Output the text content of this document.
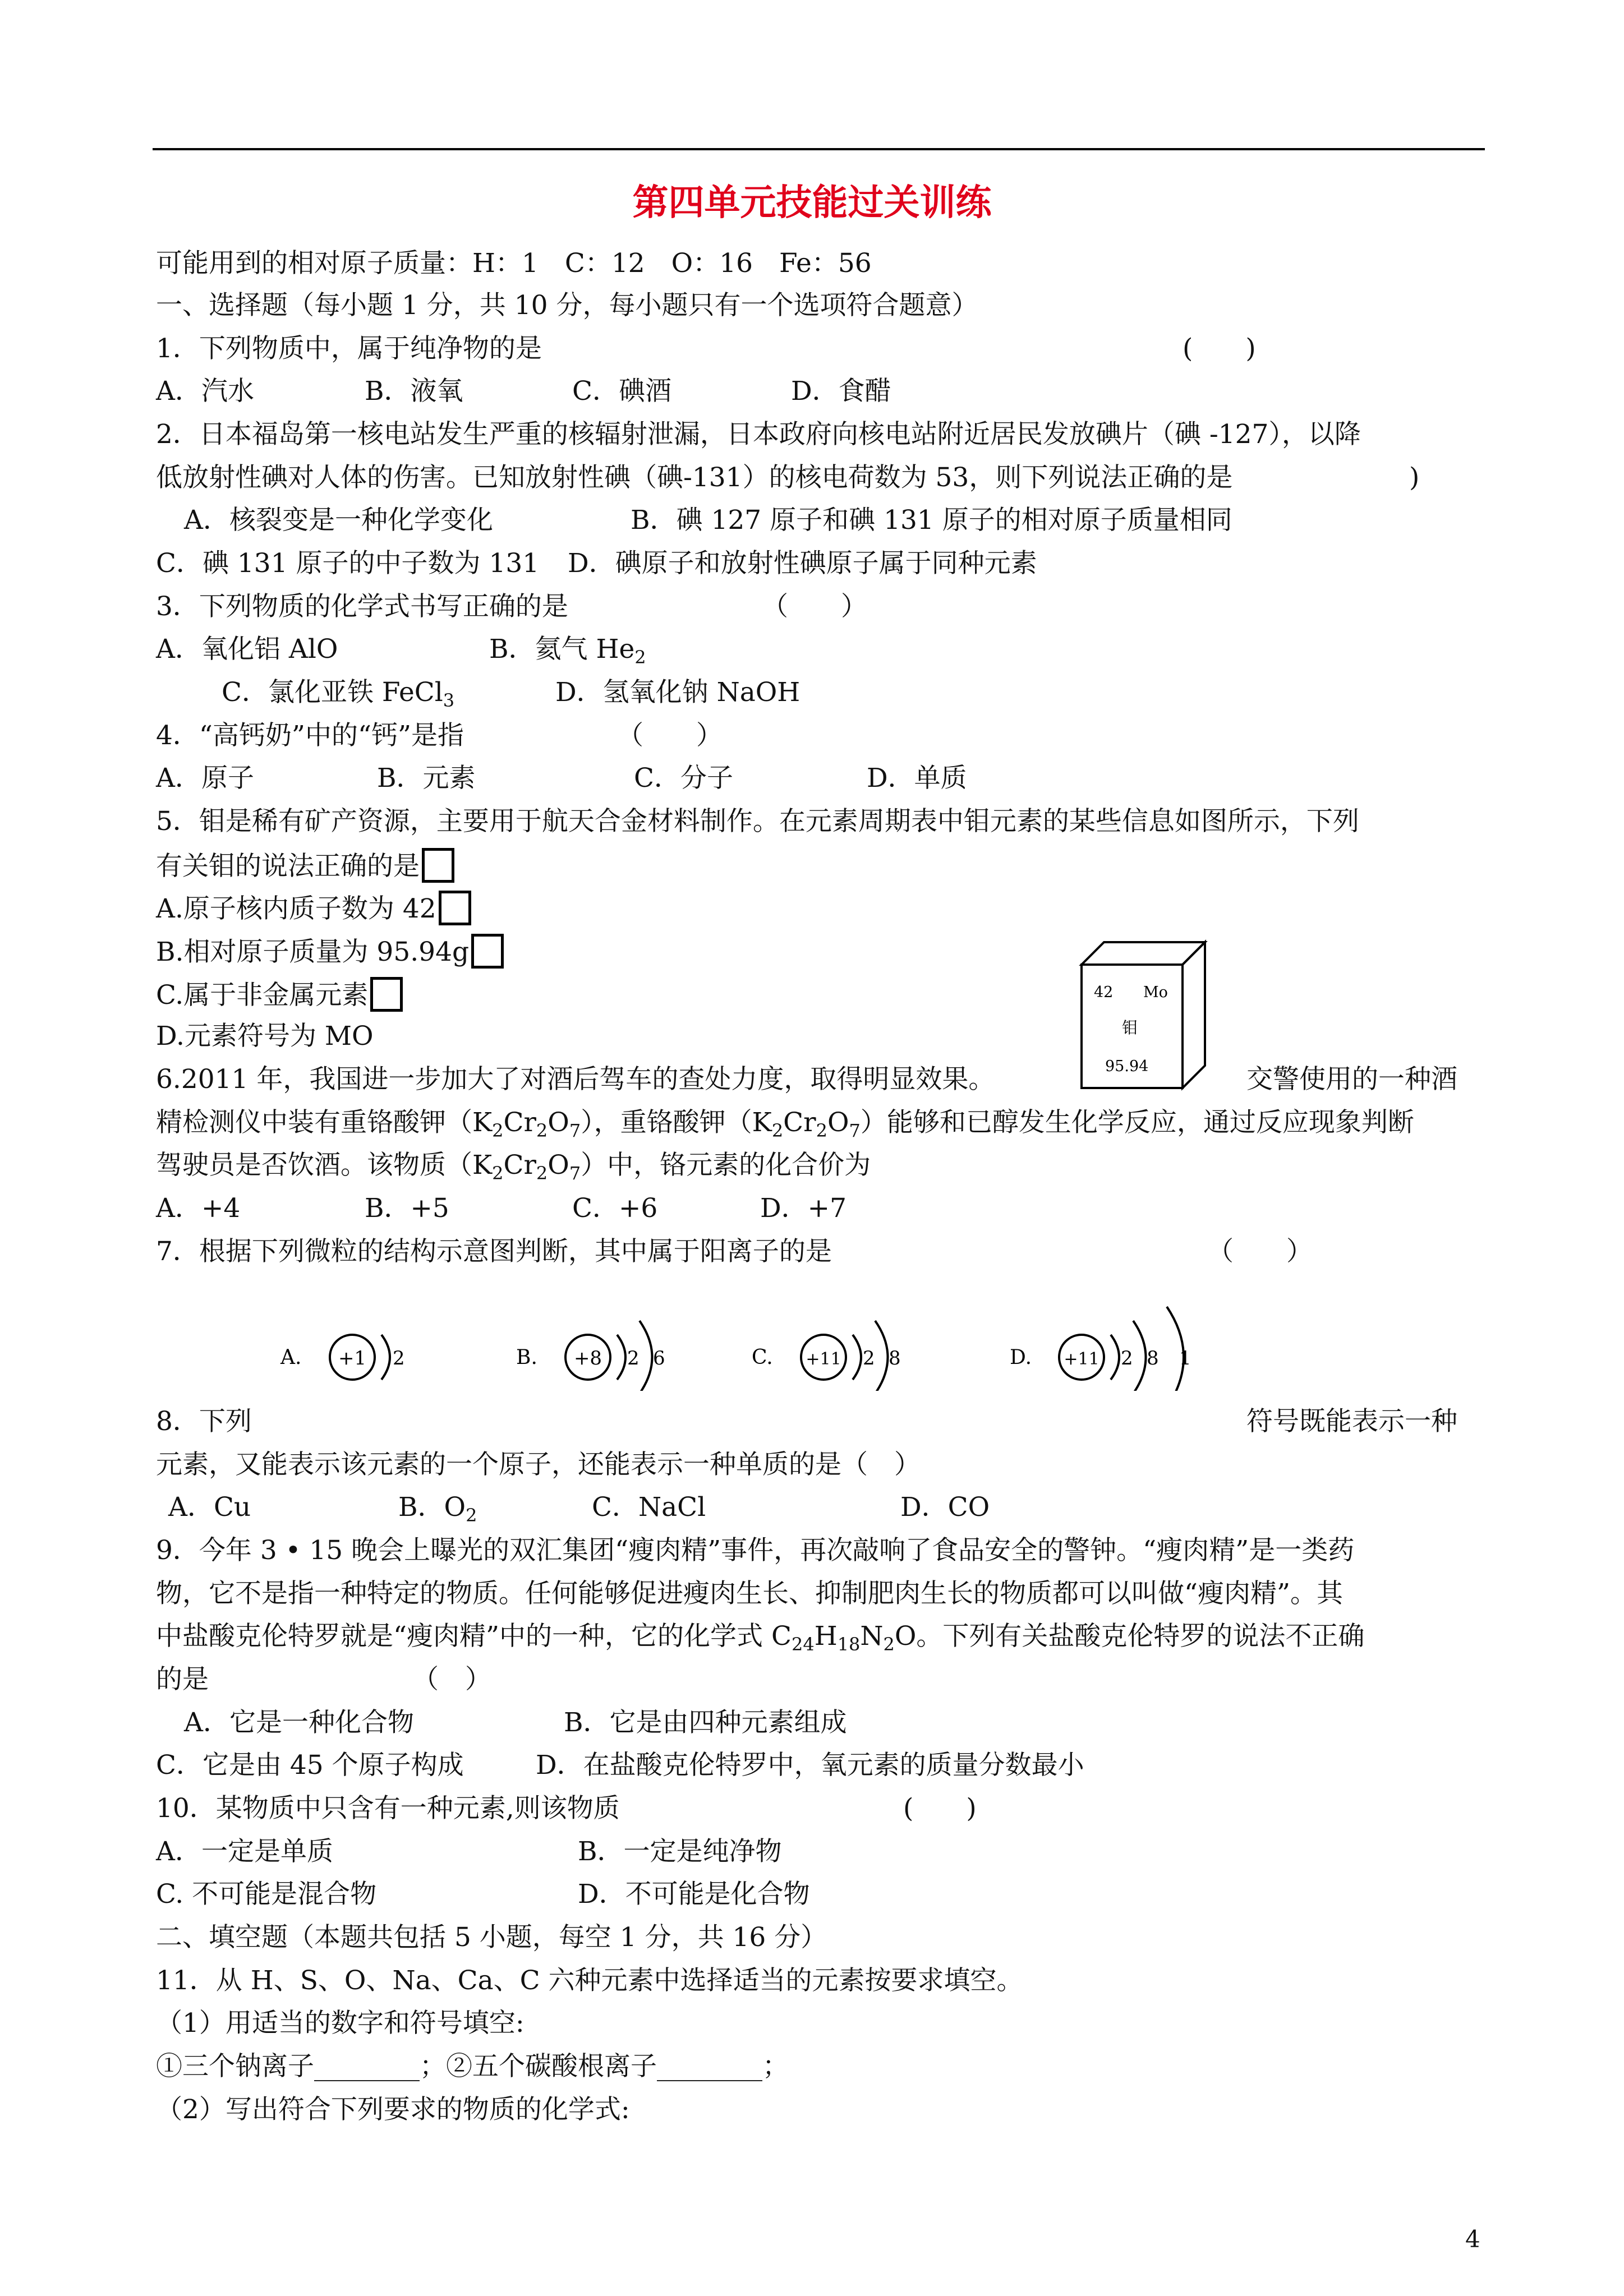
第四单元技能过关训练
可能用到的相对原子质量：H：1　C：12　O：16　Fe：56
一、选择题（每小题 1 分，共 10 分，每小题只有一个选项符合题意）
1．下列物质中，属于纯净物的是	(　　)
A．汽水	B．液氧	C．碘酒	D．食醋
2．日本福岛第一核电站发生严重的核辐射泄漏，日本政府向核电站附近居民发放碘片（碘 -127），以降
低放射性碘对人体的伤害。已知放射性碘（碘-131）的核电荷数为 53，则下列说法正确的是	)
A．核裂变是一种化学变化	B．碘 127 原子和碘 131 原子的相对原子质量相同
C．碘 131 原子的中子数为 131 D．碘原子和放射性碘原子属于同种元素
3．下列物质的化学式书写正确的是	（　　）
A．氧化铝 AlO	B．氦气 $He_2$
C．氯化亚铁 FeCl$_3$	D．氢氧化钠 NaOH
4．“高钙奶”中的“钙”是指	（　　）
A．原子	B．元素	C．分子	D．单质
5．钼是稀有矿产资源，主要用于航天合金材料制作。在元素周期表中钼元素的某些信息如图所示，下列
有关钼的说法正确的是
A.原子核内质子数为 42
B.相对原子质量为 95.94g
C.属于非金属元素
D.元素符号为 MO
42 Mo
钼
95.94
6.2011 年，我国进一步加大了对酒后驾车的查处力度，取得明显效果。	交警使用的一种酒
精检测仪中装有重铬酸钾$(K_2Cr_2O_7)$，重铬酸钾$(K_2Cr_2O_7)$能够和已醇发生化学反应，通过反应现象判断
驾驶员是否饮酒。该物质$(K_2Cr_2O_7)$中，铬元素的化合价为
A．+4	B．+5	C．+6	D．+7
7．根据下列微粒的结构示意图判断，其中属于阳离子的是	（　　）
A. +1 2	B. +8 2 6	C. +11 2 8	D. +11 2 8 1
8．下列	符号既能表示一种
元素，又能表示该元素的一个原子，还能表示一种单质的是（　）
A．Cu	B．$O_2$	C．NaCl	D．CO
9．今年 3 • 15 晚会上曝光的双汇集团“瘦肉精”事件，再次敲响了食品安全的警钟。“瘦肉精”是一类药
物，它不是指一种特定的物质。任何能够促进瘦肉生长、抑制肥肉生长的物质都可以叫做“瘦肉精”。其
中盐酸克伦特罗就是“瘦肉精”中的一种，它的化学式 $C_{24}H_{18}N_2O$。下列有关盐酸克伦特罗的说法不正确
的是	（　）
A．它是一种化合物	B．它是由四种元素组成
C．它是由 45 个原子构成	D．在盐酸克伦特罗中，氧元素的质量分数最小
10．某物质中只含有一种元素,则该物质	(　　)
A．一定是单质	B．一定是纯净物
C. 不可能是混合物	D．不可能是化合物
二、填空题（本题共包括 5 小题，每空 1 分，共 16 分）
11．从 H、S、O、Na、Ca、C 六种元素中选择适当的元素按要求填空。
（1）用适当的数字和符号填空:
①三个钠离子________；②五个碳酸根离子________；
（2）写出符合下列要求的物质的化学式:
4
